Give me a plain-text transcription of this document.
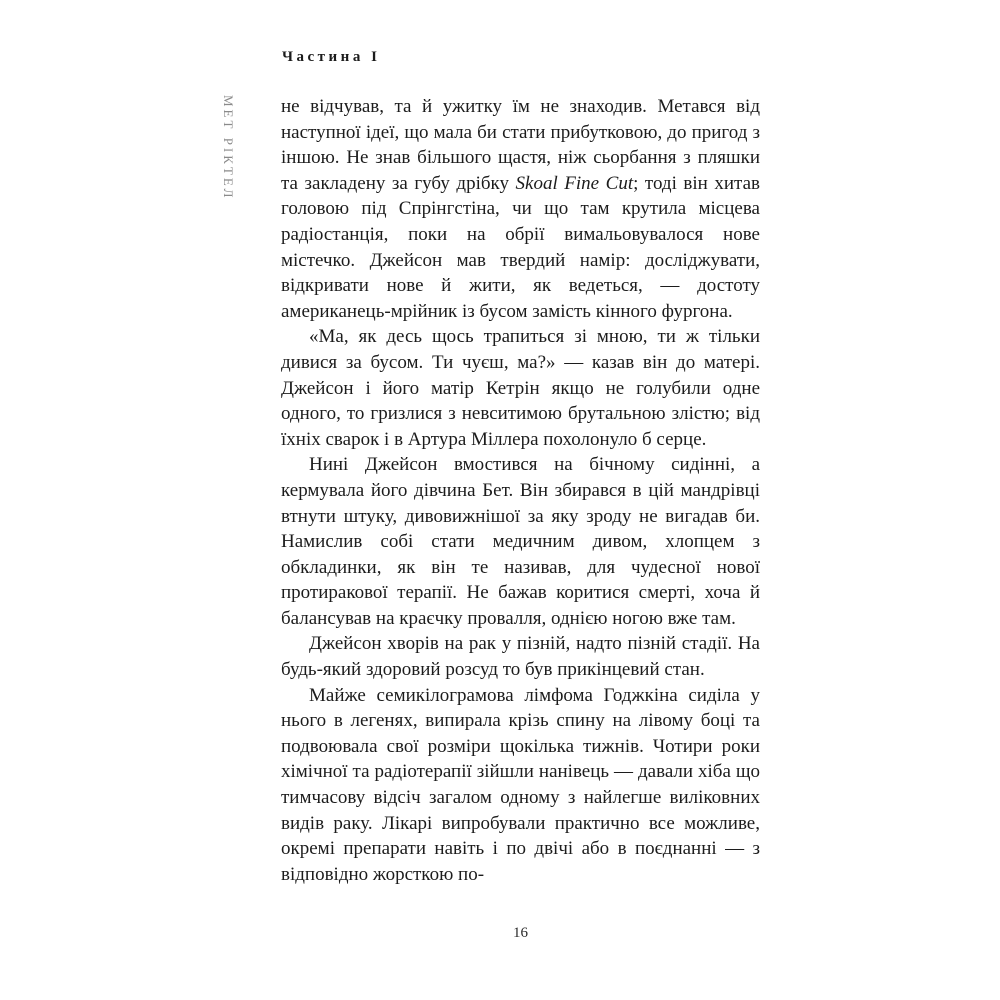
Частина І
МЕТ РІКТЕЛ не відчував, та й ужитку їм не знаходив. Метався від наступної ідеї, що мала би стати прибутковою, до пригод з іншою. Не знав більшого щастя, ніж сьорбання з пляшки та закладену за губу дрібку Skoal Fine Cut; тоді він хитав головою під Спрінгстіна, чи що там крутила місцева радіостанція, поки на обрії вимальовувалося нове містечко. Джейсон мав твердий намір: досліджувати, відкривати нове й жити, як ведеться, — достоту американець-мрійник із бусом замість кінного фургона.

«Ма, як десь щось трапиться зі мною, ти ж тільки дивися за бусом. Ти чуєш, ма?» — казав він до матері. Джейсон і його матір Кетрін якщо не голубили одне одного, то гризлися з невситимою брутальною злістю; від їхніх сварок і в Артура Міллера похолонуло б серце.

Нині Джейсон вмостився на бічному сидінні, а кермувала його дівчина Бет. Він збирався в цій мандрівці втнути штуку, дивовижнішої за яку зроду не вигадав би. Намислив собі стати медичним дивом, хлопцем з обкладинки, як він те називав, для чудесної нової протиракової терапії. Не бажав коритися смерті, хоча й балансував на краєчку провалля, однією ногою вже там.

Джейсон хворів на рак у пізній, надто пізній стадії. На будь-який здоровий розсуд то був прикінцевий стан.

Майже семикілограмова лімфома Годжкіна сиділа у нього в легенях, випирала крізь спину на лівому боці та подвоювала свої розміри щокілька тижнів. Чотири роки хімічної та радіотерапії зійшли нанівець — давали хіба що тимчасову відсіч загалом одному з найлегше виліковних видів раку. Лікарі випробували практично все можливе, окремі препарати навіть і по двічі або в поєднанні — з відповідно жорсткою по-

16
